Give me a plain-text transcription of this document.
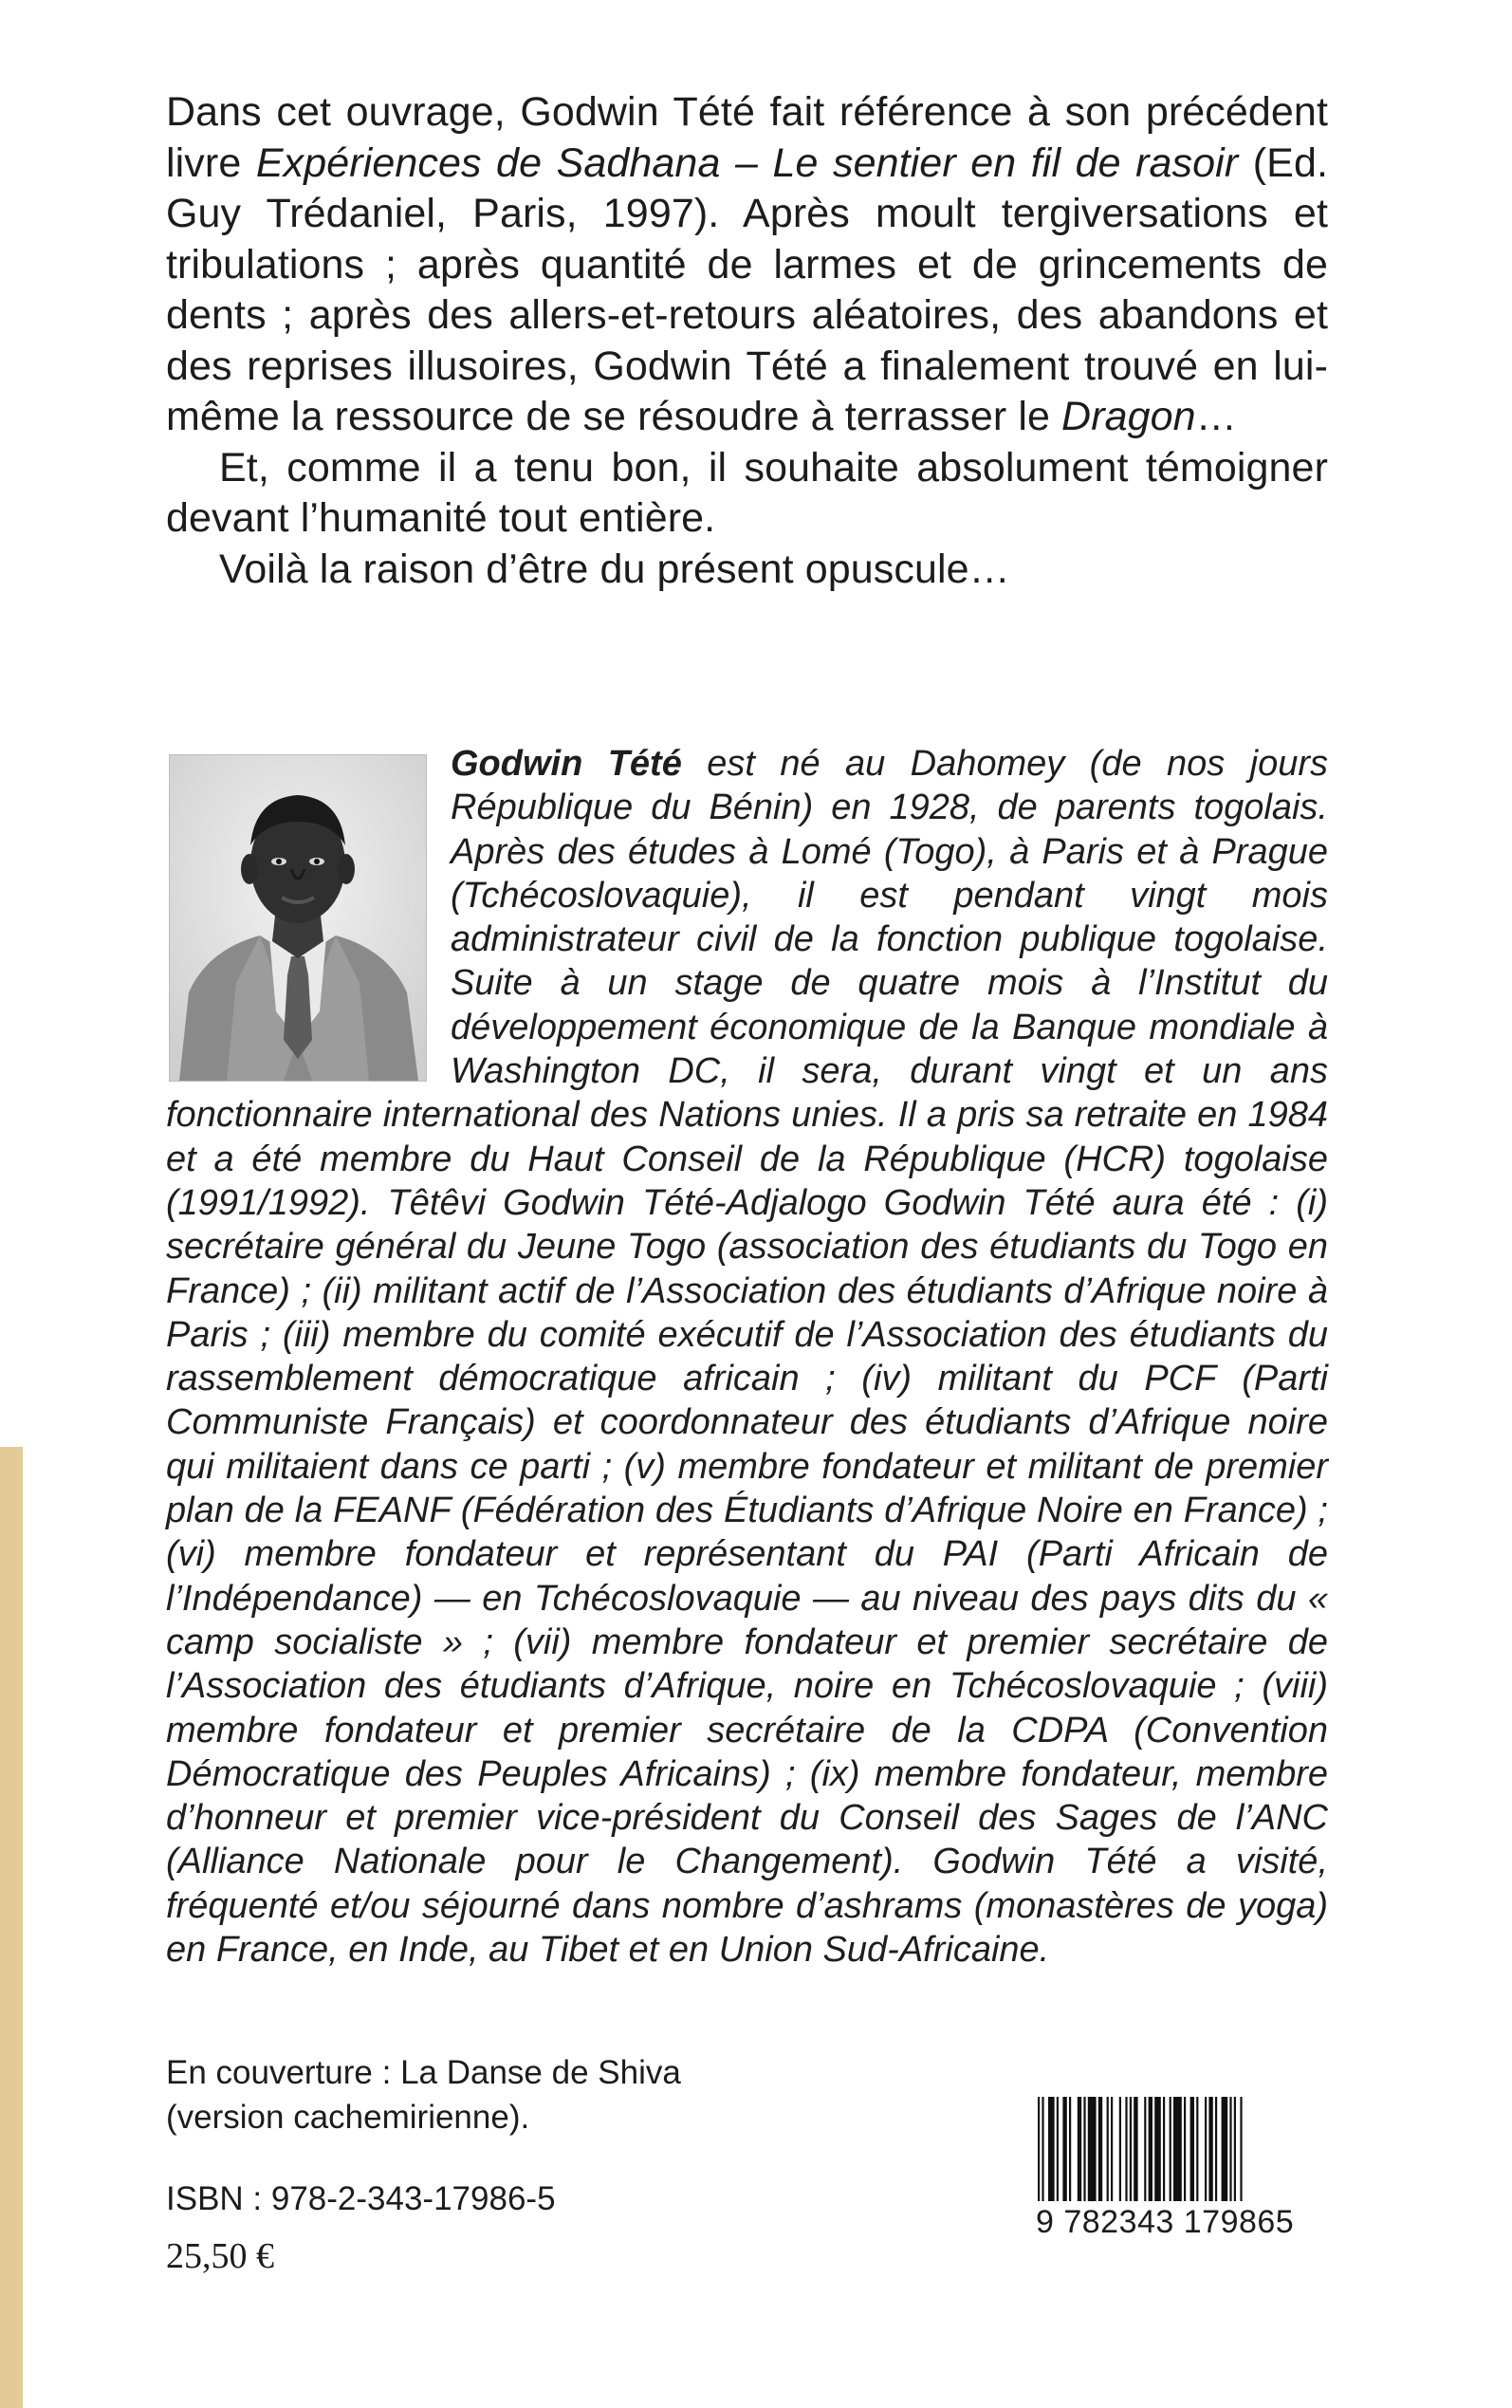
Dans cet ouvrage, Godwin Tété fait référence à son précédent livre Expériences de Sadhana – Le sentier en fil de rasoir (Ed. Guy Trédaniel, Paris, 1997). Après moult tergiversations et tribulations ; après quantité de larmes et de grincements de dents ; après des allers-et-retours aléatoires, des abandons et des reprises illusoires, Godwin Tété a finalement trouvé en lui-même la ressource de se résoudre à terrasser le Dragon…

Et, comme il a tenu bon, il souhaite absolument témoigner devant l’humanité tout entière.

Voilà la raison d’être du présent opuscule…

Godwin Tété est né au Dahomey (de nos jours République du Bénin) en 1928, de parents togolais. Après des études à Lomé (Togo), à Paris et à Prague (Tchécoslovaquie), il est pendant vingt mois administrateur civil de la fonction publique togolaise. Suite à un stage de quatre mois à l’Institut du développement économique de la Banque mondiale à Washington DC, il sera, durant vingt et un ans fonctionnaire international des Nations unies. Il a pris sa retraite en 1984 et a été membre du Haut Conseil de la République (HCR) togolaise (1991/1992). Têtêvi Godwin Tété-Adjalogo Godwin Tété aura été : (i) secrétaire général du Jeune Togo (association des étudiants du Togo en France) ; (ii) militant actif de l’Association des étudiants d’Afrique noire à Paris ; (iii) membre du comité exécutif de l’Association des étudiants du rassemblement démocratique africain ; (iv) militant du PCF (Parti Communiste Français) et coordonnateur des étudiants d’Afrique noire qui militaient dans ce parti ; (v) membre fondateur et militant de premier plan de la FEANF (Fédération des Étudiants d’Afrique Noire en France) ; (vi) membre fondateur et représentant du PAI (Parti Africain de l’Indépendance) — en Tchécoslovaquie — au niveau des pays dits du « camp socialiste » ; (vii) membre fondateur et premier secrétaire de l’Association des étudiants d’Afrique, noire en Tchécoslovaquie ; (viii) membre fondateur et premier secrétaire de la CDPA (Convention Démocratique des Peuples Africains) ; (ix) membre fondateur, membre d’honneur et premier vice-président du Conseil des Sages de l’ANC (Alliance Nationale pour le Changement). Godwin Tété a visité, fréquenté et/ou séjourné dans nombre d’ashrams (monastères de yoga) en France, en Inde, au Tibet et en Union Sud-Africaine.

En couverture : La Danse de Shiva
(version cachemirienne).
ISBN : 978-2-343-17986-5
25,50 €
9 782343 179865
